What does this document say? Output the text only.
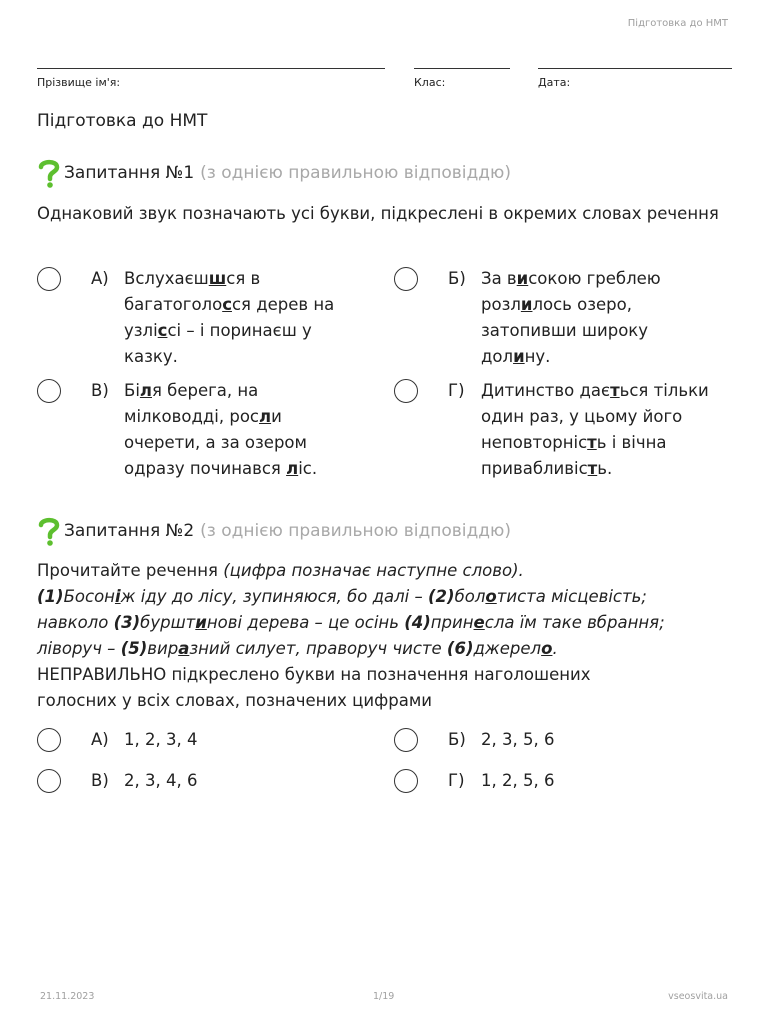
Підготовка до НМТ
Прізвище ім'я:	Клас:	Дата:
Підготовка до НМТ
Запитання №1 (з однією правильною відповіддю)
Однаковий звук позначають усі букви, підкреслені в окремих словах речення
А) Вслухаєшшся в
багатоголосся дерев на
узліссі – і поринаєш у
казку.
Б) За високою греблею
розлилось озеро,
затопивши широку
долину.
В) Біля берега, на
мілководді, росли
очерети, а за озером
одразу починався ліс.
Г)	Дитинство дається тільки
один раз, у цьому його
неповторність і вічна
привабливість.
Запитання №2 (з однією правильною відповіддю)
Прочитайте речення (цифра позначає наступне слово).
(1)Босоніж іду до лісу, зупиняюся, бо далі – (2)болотиста місцевість;
навколо (3)бурштинові дерева – це осінь (4)принесла їм таке вбрання;
ліворуч – (5)виразний силует, праворуч чисте (6)джерело.
НЕПРАВИЛЬНО підкреслено букви на позначення наголошених
голосних у всіх словах, позначених цифрами
А) 1, 2, 3, 4	Б) 2, 3, 5, 6
В) 2, 3, 4, 6	Г)	1, 2, 5, 6
21.11.2023	1/19	vseosvita.ua
